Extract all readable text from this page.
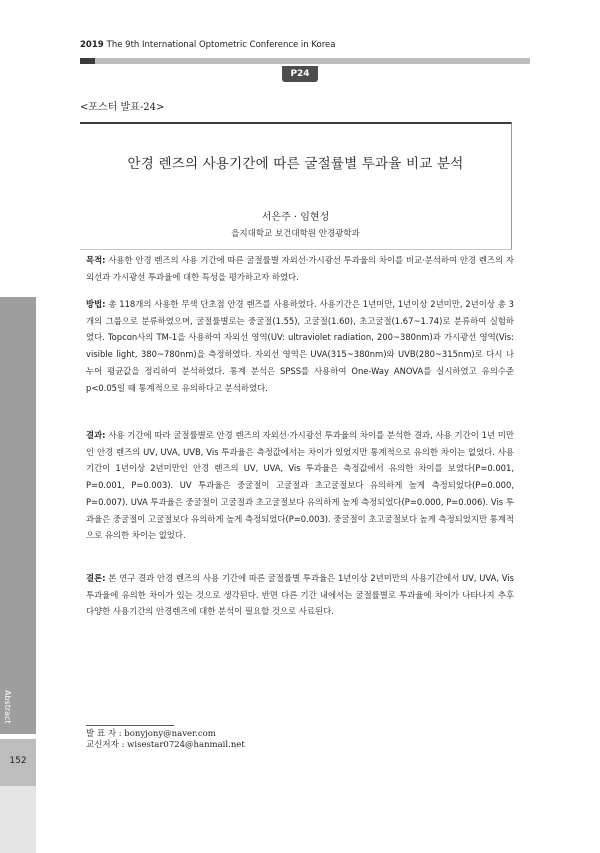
2019 The 9th International Optometric Conference in Korea
P24
<포스터 발표-24>
안경 렌즈의 사용기간에 따른 굴절률별 투과율 비교 분석
서은주 · 임현성
을지대학교 보건대학원 안경광학과

목적: 사용한 안경 렌즈의 사용 기간에 따른 굴절률별 자외선·가시광선 투과율의 차이를 비교·분석하여 안경 렌즈의 자외선과 가시광선 투과율에 대한 특성을 평가하고자 하였다.

방법: 총 118개의 사용한 무색 단초점 안경 렌즈를 사용하였다. 사용기간은 1년미만, 1년이상 2년미만, 2년이상 총 3개의 그룹으로 분류하였으며, 굴절률별로는 중굴절(1.55), 고굴절(1.60), 초고굴절(1.67~1.74)로 분류하여 실험하였다. Topcon사의 TM-1을 사용하여 자외선 영역(UV: ultraviolet radiation, 200~380nm)과 가시광선 영역(Vis: visible light, 380~780nm)을 측정하였다. 자외선 영역은 UVA(315~380nm)와 UVB(280~315nm)로 다시 나누어 평균값을 정리하여 분석하였다. 통계 분석은 SPSS를 사용하여 One-Way ANOVA를 실시하였고 유의수준 p<0.05일 때 통계적으로 유의하다고 분석하였다.

결과: 사용 기간에 따라 굴절률별로 안경 렌즈의 자외선·가시광선 투과율의 차이를 분석한 결과, 사용 기간이 1년 미만인 안경 렌즈의 UV, UVA, UVB, Vis 투과율은 측정값에서는 차이가 있었지만 통계적으로 유의한 차이는 없었다. 사용 기간이 1년이상 2년미만인 안경 렌즈의 UV, UVA, Vis 투과율은 측정값에서 유의한 차이를 보였다(P=0.001, P=0.001, P=0.003). UV 투과율은 중굴절이 고굴절과 초고굴절보다 유의하게 높게 측정되었다(P=0.000, P=0.007). UVA 투과율은 중굴절이 고굴절과 초고굴절보다 유의하게 높게 측정되었다(P=0.000, P=0.006). Vis 투과율은 중굴절이 고굴절보다 유의하게 높게 측정되었다(P=0.003). 중굴절이 초고굴절보다 높게 측정되었지만 통계적으로 유의한 차이는 없었다.

결론: 본 연구 결과 안경 렌즈의 사용 기간에 따른 굴절률별 투과율은 1년이상 2년미만의 사용기간에서 UV, UVA, Vis 투과율에 유의한 차이가 있는 것으로 생각된다. 반면 다른 기간 내에서는 굴절률별로 투과율에 차이가 나타나지 추후 다양한 사용기간의 안경렌즈에 대한 분석이 필요할 것으로 사료된다.

발 표 자 : bonyjony@naver.com
교신저자 : wisestar0724@hanmail.net
Abstract
152
